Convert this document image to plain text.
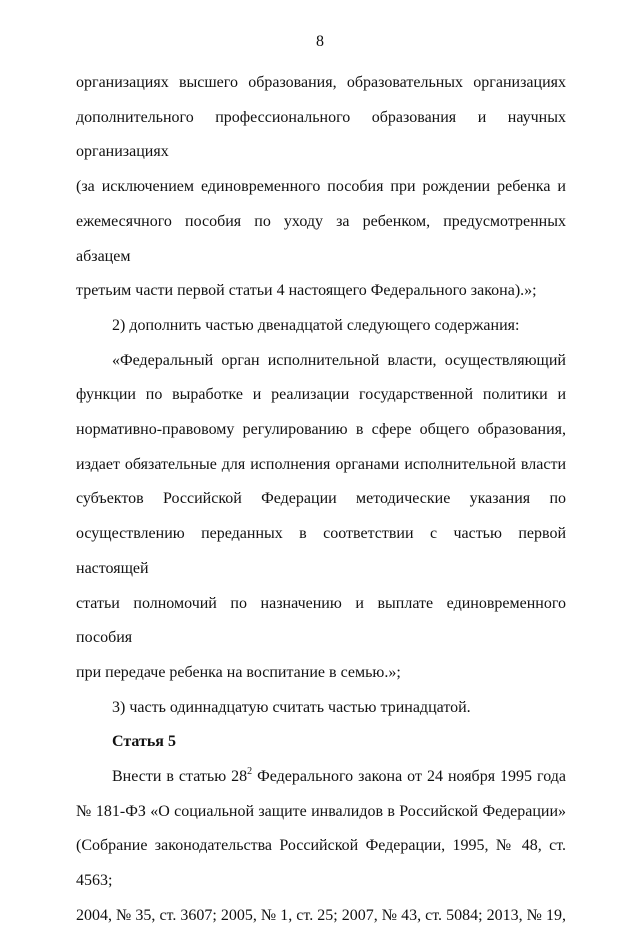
8

организациях высшего образования, образовательных организациях

дополнительного профессионального образования и научных организациях

(за исключением единовременного пособия при рождении ребенка и

ежемесячного пособия по уходу за ребенком, предусмотренных абзацем

третьим части первой статьи 4 настоящего Федерального закона).»;

2) дополнить частью двенадцатой следующего содержания:

«Федеральный орган исполнительной власти, осуществляющий

функции по выработке и реализации государственной политики и

нормативно-правовому регулированию в сфере общего образования,

издает обязательные для исполнения органами исполнительной власти

субъектов Российской Федерации методические указания по

осуществлению переданных в соответствии с частью первой настоящей

статьи полномочий по назначению и выплате единовременного пособия

при передаче ребенка на воспитание в семью.»;

3) часть одиннадцатую считать частью тринадцатой.

Статья 5

Внести в статью $28^2$ Федерального закона от 24 ноября 1995 года

№ 181-ФЗ «О социальной защите инвалидов в Российской Федерации»

(Собрание законодательства Российской Федерации, 1995, № 48, ст. 4563;

2004, № 35, ст. 3607; 2005, № 1, ст. 25; 2007, № 43, ст. 5084; 2013, № 19,
